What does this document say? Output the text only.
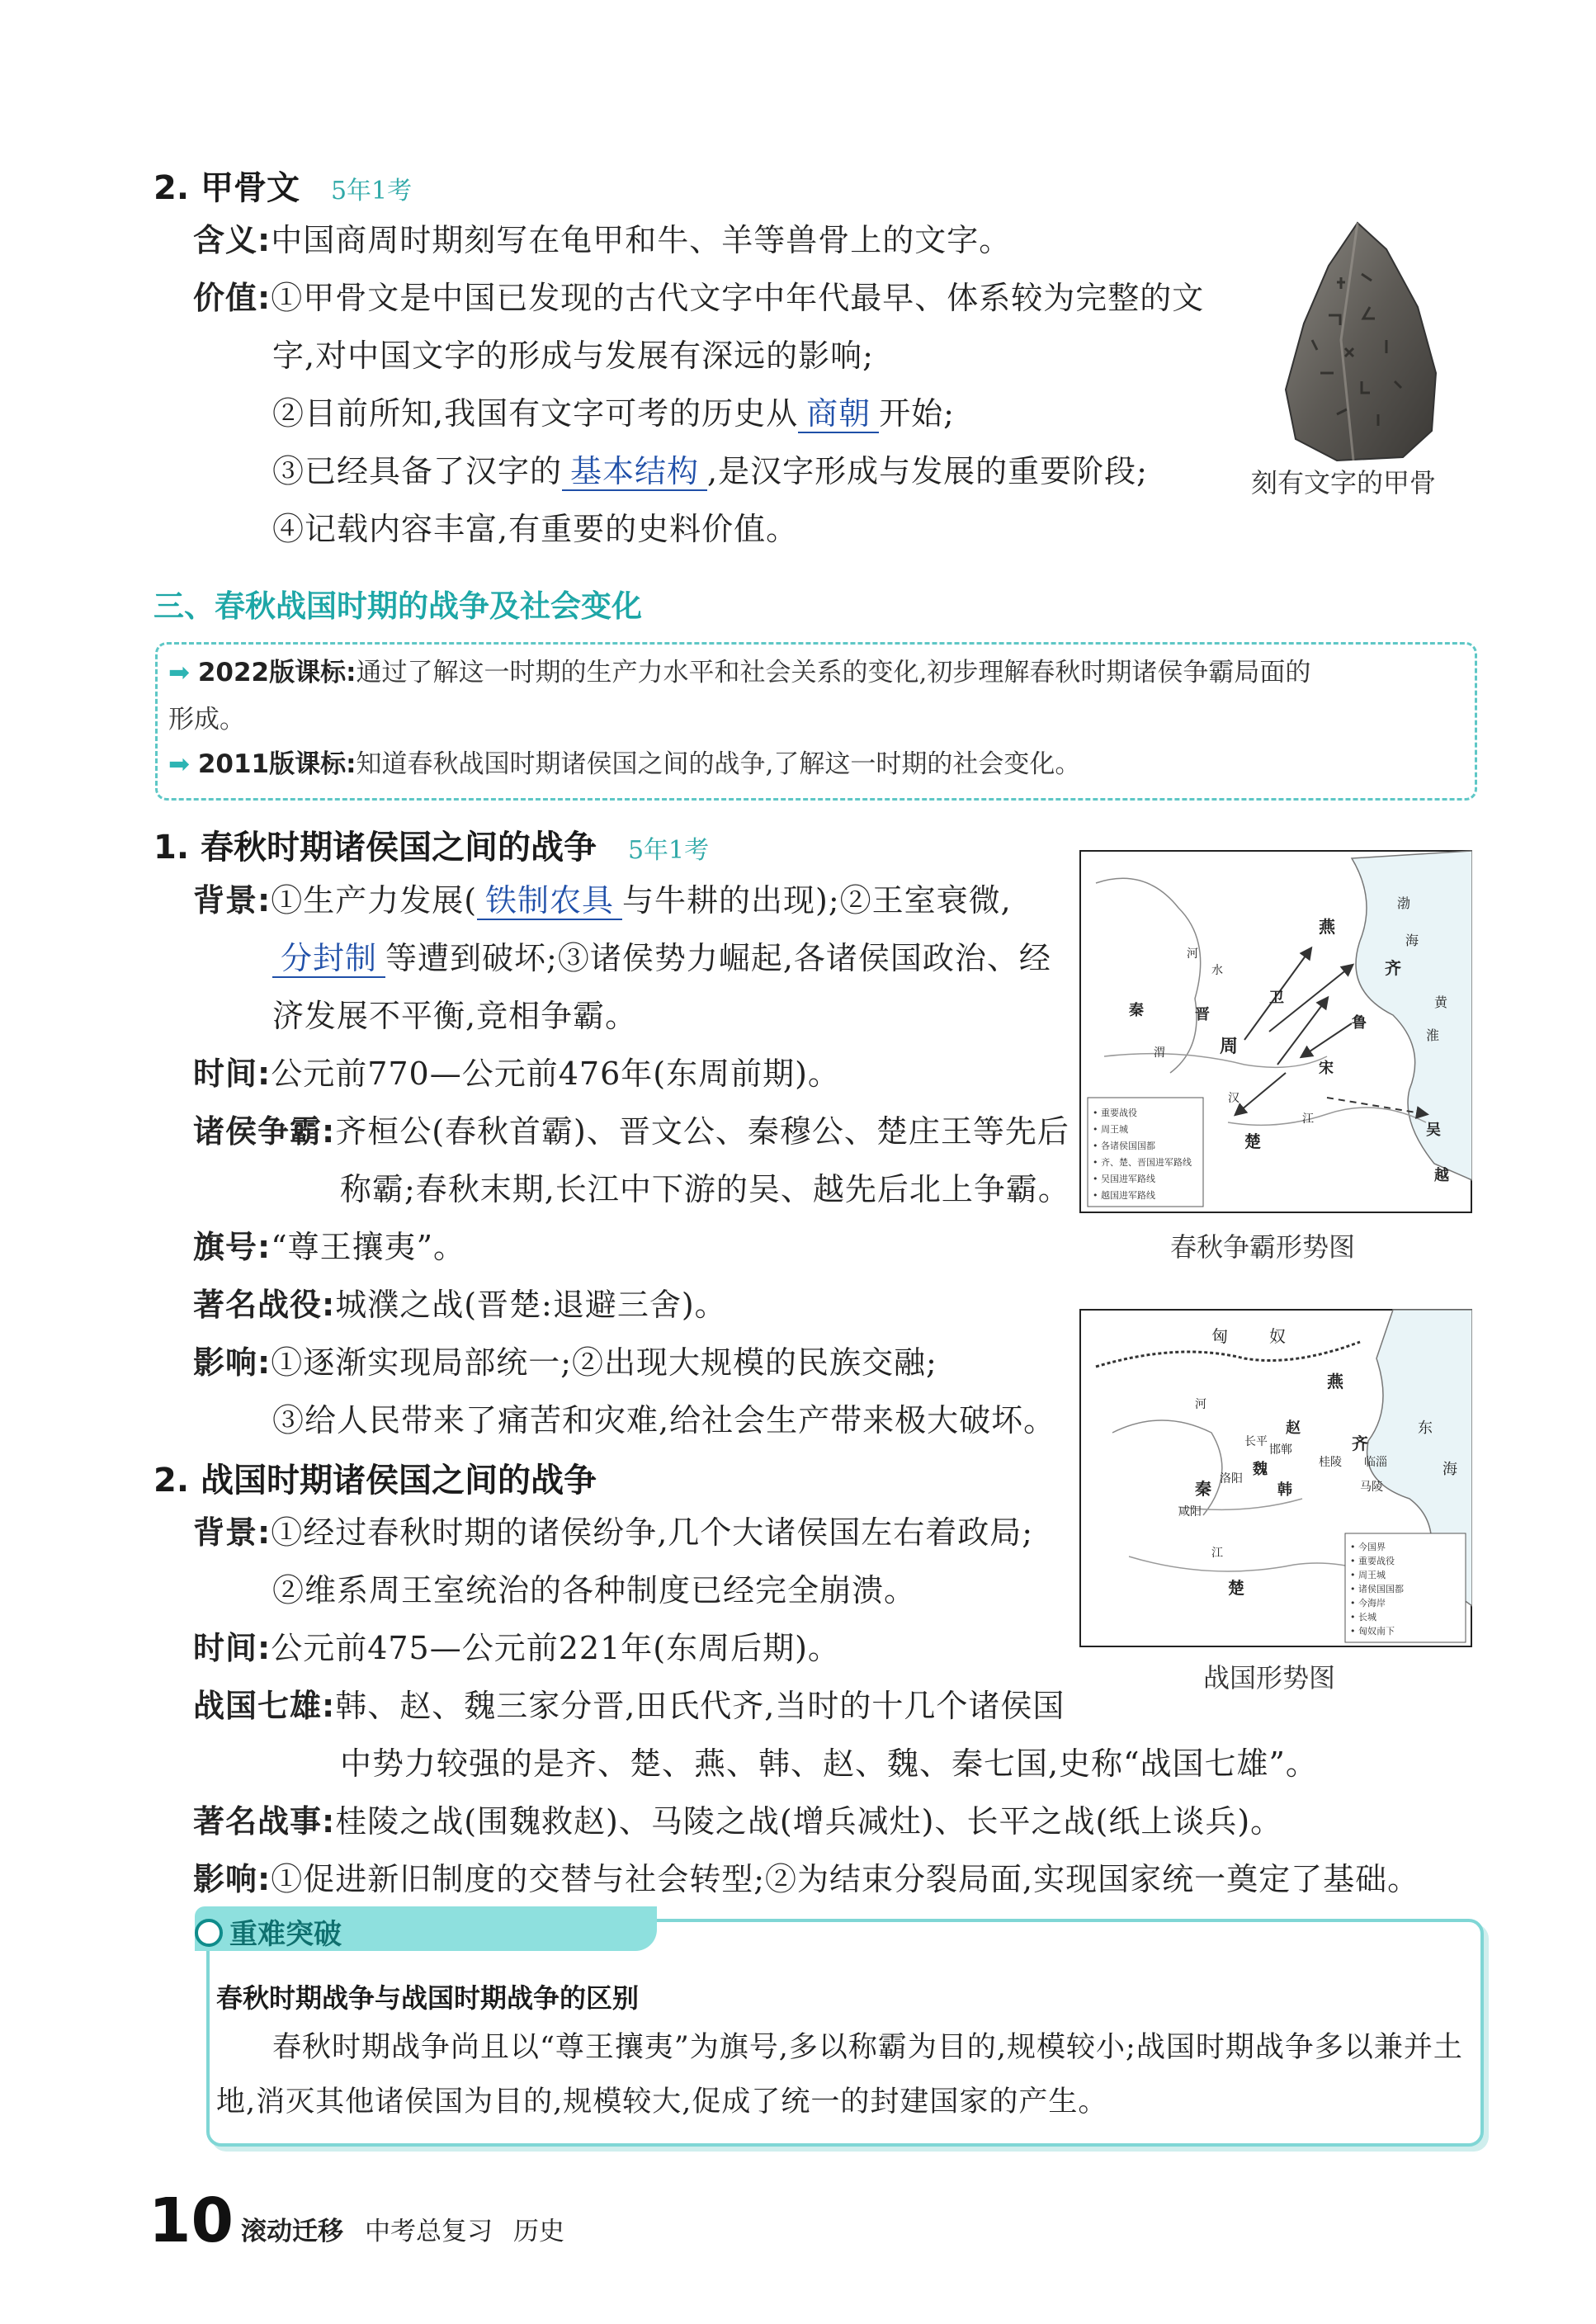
2. 甲骨文 5年1考
含义:中国商周时期刻写在龟甲和牛、羊等兽骨上的文字。
价值:①甲骨文是中国已发现的古代文字中年代最早、体系较为完整的文
字,对中国文字的形成与发展有深远的影响;
②目前所知,我国有文字可考的历史从 商朝 开始;
③已经具备了汉字的 基本结构 ,是汉字形成与发展的重要阶段;
④记载内容丰富,有重要的史料价值。
刻有文字的甲骨
三、春秋战国时期的战争及社会变化
➡ 2022版课标:通过了解这一时期的生产力水平和社会关系的变化,初步理解春秋时期诸侯争霸局面的
形成。
➡ 2011版课标:知道春秋战国时期诸侯国之间的战争,了解这一时期的社会变化。
1. 春秋时期诸侯国之间的战争 5年1考
背景:①生产力发展( 铁制农具 与牛耕的出现);②王室衰微,
分封制 等遭到破坏;③诸侯势力崛起,各诸侯国政治、经
济发展不平衡,竞相争霸。
时间:公元前770—公元前476年(东周前期)。
诸侯争霸:齐桓公(春秋首霸)、晋文公、秦穆公、楚庄王等先后
称霸;春秋末期,长江中下游的吴、越先后北上争霸。
旗号:“尊王攘夷”。
著名战役:城濮之战(晋楚:退避三舍)。
影响:①逐渐实现局部统一;②出现大规模的民族交融;
③给人民带来了痛苦和灾难,给社会生产带来极大破坏。
燕
齐
卫
鲁
晋
秦
周
宋
楚
吴
越
河
水
渤
海
黄
淮
汉
江
渭
• 重要战役
• 周王城
• 各诸侯国国都
• 齐、楚、晋国进军路线
• 吴国进军路线
• 越国进军路线
春秋争霸形势图
2. 战国时期诸侯国之间的战争
背景:①经过春秋时期的诸侯纷争,几个大诸侯国左右着政局;
②维系周王室统治的各种制度已经完全崩溃。
时间:公元前475—公元前221年(东周后期)。
战国七雄:韩、赵、魏三家分晋,田氏代齐,当时的十几个诸侯国
中势力较强的是齐、楚、燕、韩、赵、魏、秦七国,史称“战国七雄”。
著名战事:桂陵之战(围魏救赵)、马陵之战(增兵减灶)、长平之战(纸上谈兵)。
影响:①促进新旧制度的交替与社会转型;②为结束分裂局面,实现国家统一奠定了基础。
匈	奴
燕
赵
齐
魏
韩
秦
楚
洛阳
邯郸
临淄
长平
桂陵
马陵
咸阳
东
海
河
江	• 今国界
• 重要战役
• 周王城
• 诸侯国国都
• 今海岸
• 长城
• 匈奴南下
战国形势图
重难突破
春秋时期战争与战国时期战争的区别
春秋时期战争尚且以“尊王攘夷”为旗号,多以称霸为目的,规模较小;战国时期战争多以兼并土
地,消灭其他诸侯国为目的,规模较大,促成了统一的封建国家的产生。
10 滚动迁移 中考总复习 历史
